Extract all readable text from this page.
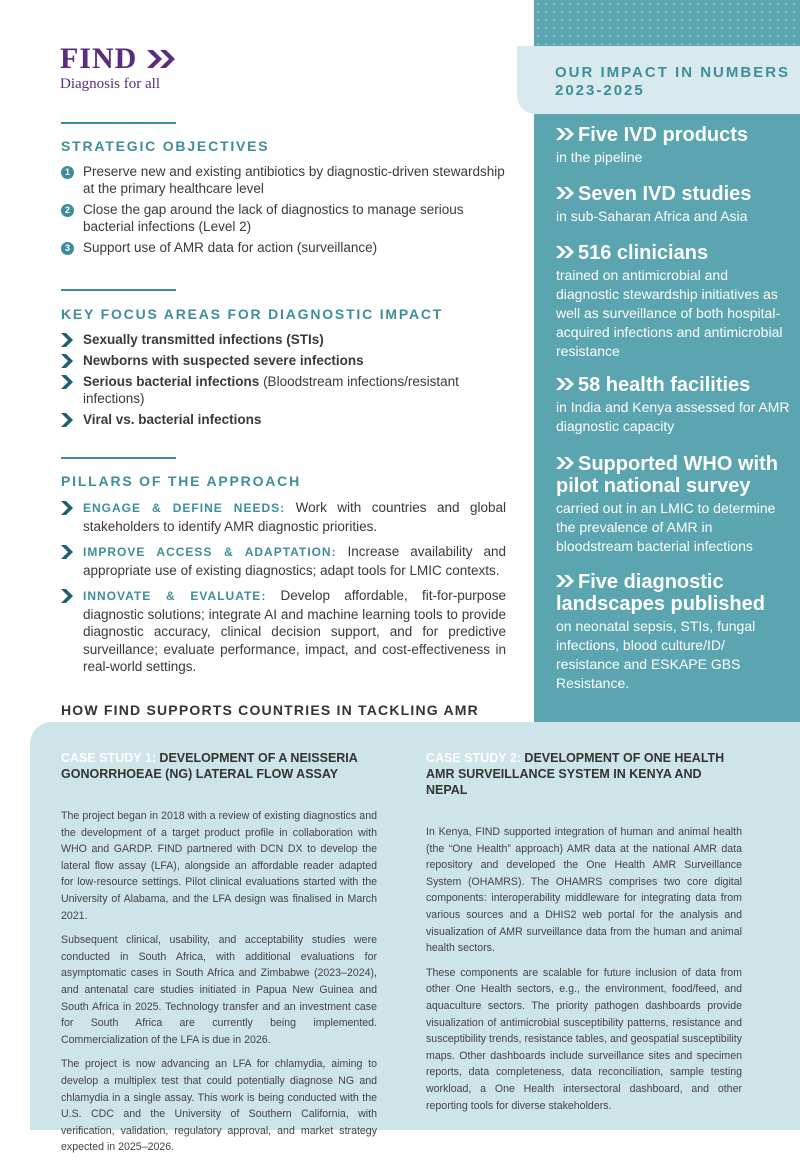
FIND
Diagnosis for all
OUR IMPACT IN NUMBERS 2023-2025
Five IVD products
in the pipeline
Seven IVD studies
in sub-Saharan Africa and Asia
516 clinicians
trained on antimicrobial and diagnostic stewardship initiatives as well as surveillance of both hospital-acquired infections and antimicrobial resistance
58 health facilities
in India and Kenya assessed for AMR diagnostic capacity
Supported WHO with pilot national survey
carried out in an LMIC to determine the prevalence of AMR in bloodstream bacterial infections
Five diagnostic landscapes published
on neonatal sepsis, STIs, fungal infections, blood culture/ID/ resistance and ESKAPE GBS Resistance.
STRATEGIC OBJECTIVES
1 Preserve new and existing antibiotics by diagnostic-driven stewardship at the primary healthcare level
2 Close the gap around the lack of diagnostics to manage serious bacterial infections (Level 2)
3 Support use of AMR data for action (surveillance)
KEY FOCUS AREAS FOR DIAGNOSTIC IMPACT
Sexually transmitted infections (STIs)
Newborns with suspected severe infections
Serious bacterial infections (Bloodstream infections/resistant infections)
Viral vs. bacterial infections
PILLARS OF THE APPROACH
ENGAGE & DEFINE NEEDS: Work with countries and global stakeholders to identify AMR diagnostic priorities.
IMPROVE ACCESS & ADAPTATION: Increase availability and appropriate use of existing diagnostics; adapt tools for LMIC contexts.
INNOVATE & EVALUATE: Develop affordable, fit-for-purpose diagnostic solutions; integrate AI and machine learning tools to provide diagnostic accuracy, clinical decision support, and for predictive surveillance; evaluate performance, impact, and cost-effectiveness in real-world settings.
HOW FIND SUPPORTS COUNTRIES IN TACKLING AMR
CASE STUDY 1: DEVELOPMENT OF A NEISSERIA GONORRHOEAE (NG) LATERAL FLOW ASSAY

The project began in 2018 with a review of existing diagnostics and the development of a target product profile in collaboration with WHO and GARDP. FIND partnered with DCN DX to develop the lateral flow assay (LFA), alongside an affordable reader adapted for low-resource settings. Pilot clinical evaluations started with the University of Alabama, and the LFA design was finalised in March 2021.

Subsequent clinical, usability, and acceptability studies were conducted in South Africa, with additional evaluations for asymptomatic cases in South Africa and Zimbabwe (2023–2024), and antenatal care studies initiated in Papua New Guinea and South Africa in 2025. Technology transfer and an investment case for South Africa are currently being implemented. Commercialization of the LFA is due in 2026.

The project is now advancing an LFA for chlamydia, aiming to develop a multiplex test that could potentially diagnose NG and chlamydia in a single assay. This work is being conducted with the U.S. CDC and the University of Southern California, with verification, validation, regulatory approval, and market strategy expected in 2025–2026.

CASE STUDY 2: DEVELOPMENT OF ONE HEALTH AMR SURVEILLANCE SYSTEM IN KENYA AND NEPAL

In Kenya, FIND supported integration of human and animal health (the “One Health” approach) AMR data at the national AMR data repository and developed the One Health AMR Surveillance System (OHAMRS). The OHAMRS comprises two core digital components: interoperability middleware for integrating data from various sources and a DHIS2 web portal for the analysis and visualization of AMR surveillance data from the human and animal health sectors.

These components are scalable for future inclusion of data from other One Health sectors, e.g., the environment, food/feed, and aquaculture sectors. The priority pathogen dashboards provide visualization of antimicrobial susceptibility patterns, resistance and susceptibility trends, resistance tables, and geospatial susceptibility maps. Other dashboards include surveillance sites and specimen reports, data completeness, data reconciliation, sample testing workload, a One Health intersectoral dashboard, and other reporting tools for diverse stakeholders.
